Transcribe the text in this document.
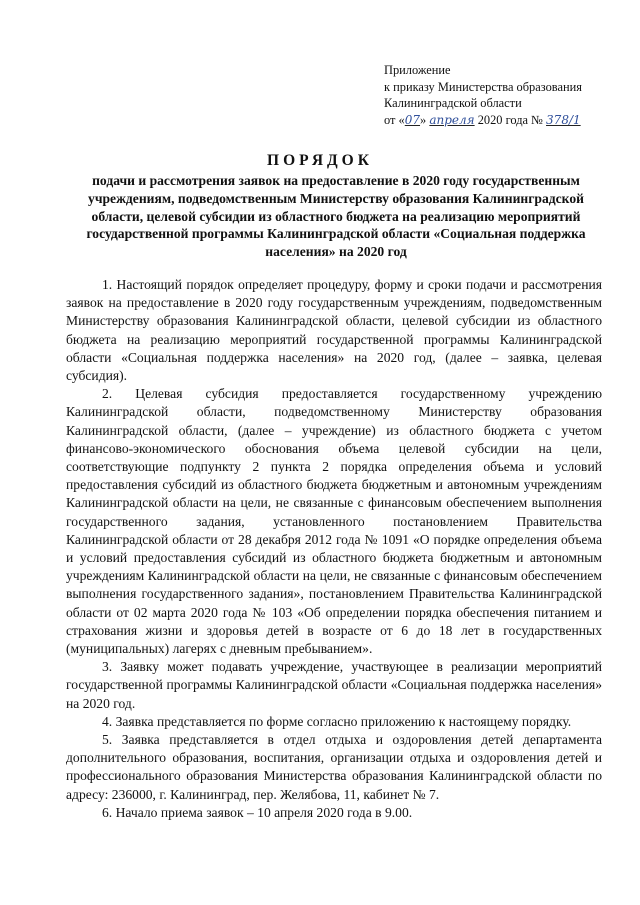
Приложение
к приказу Министерства образования
Калининградской области
от «07» апреля 2020 года № 378/1
ПОРЯДОК
подачи и рассмотрения заявок на предоставление в 2020 году государственным учреждениям, подведомственным Министерству образования Калининградской области, целевой субсидии из областного бюджета на реализацию мероприятий государственной программы Калининградской области «Социальная поддержка населения» на 2020 год

1. Настоящий порядок определяет процедуру, форму и сроки подачи и рассмотрения заявок на предоставление в 2020 году государственным учреждениям, подведомственным Министерству образования Калининградской области, целевой субсидии из областного бюджета на реализацию мероприятий государственной программы Калининградской области «Социальная поддержка населения» на 2020 год, (далее – заявка, целевая субсидия).

2. Целевая субсидия предоставляется государственному учреждению Калининградской области, подведомственному Министерству образования Калининградской области, (далее – учреждение) из областного бюджета с учетом финансово-экономического обоснования объема целевой субсидии на цели, соответствующие подпункту 2 пункта 2 порядка определения объема и условий предоставления субсидий из областного бюджета бюджетным и автономным учреждениям Калининградской области на цели, не связанные с финансовым обеспечением выполнения государственного задания, установленного постановлением Правительства Калининградской области от 28 декабря 2012 года № 1091 «О порядке определения объема и условий предоставления субсидий из областного бюджета бюджетным и автономным учреждениям Калининградской области на цели, не связанные с финансовым обеспечением выполнения государственного задания», постановлением Правительства Калининградской области от 02 марта 2020 года № 103 «Об определении порядка обеспечения питанием и страхования жизни и здоровья детей в возрасте от 6 до 18 лет в государственных (муниципальных) лагерях с дневным пребыванием».

3. Заявку может подавать учреждение, участвующее в реализации мероприятий государственной программы Калининградской области «Социальная поддержка населения» на 2020 год.

4. Заявка представляется по форме согласно приложению к настоящему порядку.

5. Заявка представляется в отдел отдыха и оздоровления детей департамента дополнительного образования, воспитания, организации отдыха и оздоровления детей и профессионального образования Министерства образования Калининградской области по адресу: 236000, г. Калининград, пер. Желябова, 11, кабинет № 7.

6. Начало приема заявок – 10 апреля 2020 года в 9.00.
